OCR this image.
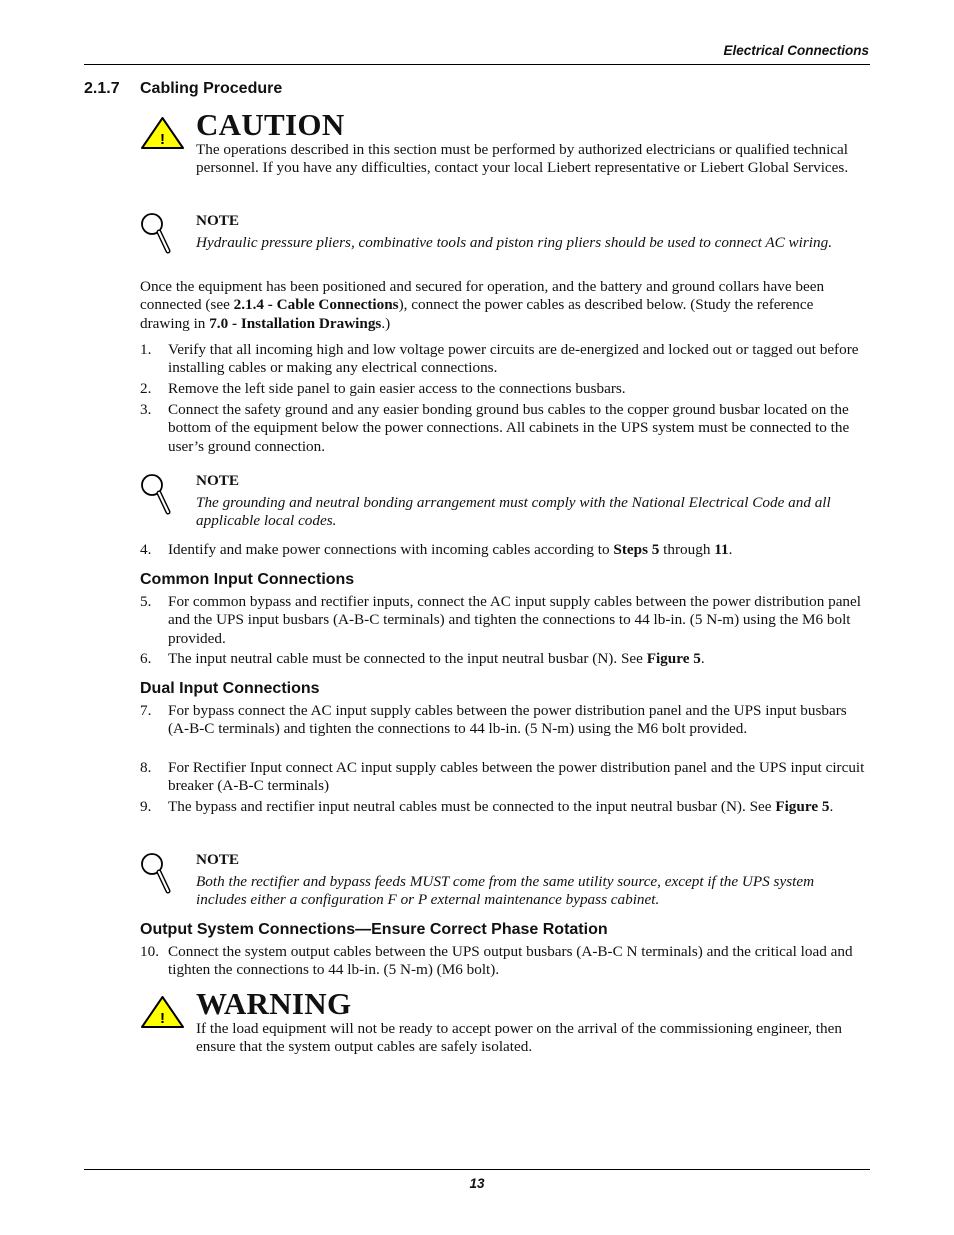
Electrical Connections
2.1.7 Cabling Procedure
! CAUTION
The operations described in this section must be performed by authorized electricians or qualified technical personnel. If you have any difficulties, contact your local Liebert representative or Liebert Global Services.
NOTE
Hydraulic pressure pliers, combinative tools and piston ring pliers should be used to connect AC wiring.
Once the equipment has been positioned and secured for operation, and the battery and ground collars have been connected (see 2.1.4 - Cable Connections), connect the power cables as described below. (Study the reference drawing in 7.0 - Installation Drawings.)
1. Verify that all incoming high and low voltage power circuits are de-energized and locked out or tagged out before installing cables or making any electrical connections.
2. Remove the left side panel to gain easier access to the connections busbars.
3. Connect the safety ground and any easier bonding ground bus cables to the copper ground busbar located on the bottom of the equipment below the power connections. All cabinets in the UPS system must be connected to the user’s ground connection.
NOTE
The grounding and neutral bonding arrangement must comply with the National Electrical Code and all applicable local codes.
4. Identify and make power connections with incoming cables according to Steps 5 through 11.
Common Input Connections
5. For common bypass and rectifier inputs, connect the AC input supply cables between the power distribution panel and the UPS input busbars (A-B-C terminals) and tighten the connections to 44 lb-in. (5 N-m) using the M6 bolt provided.
6. The input neutral cable must be connected to the input neutral busbar (N). See Figure 5.
Dual Input Connections
7. For bypass connect the AC input supply cables between the power distribution panel and the UPS input busbars (A-B-C terminals) and tighten the connections to 44 lb-in. (5 N-m) using the M6 bolt provided.
8. For Rectifier Input connect AC input supply cables between the power distribution panel and the UPS input circuit breaker (A-B-C terminals)
9. The bypass and rectifier input neutral cables must be connected to the input neutral busbar (N). See Figure 5.
NOTE
Both the rectifier and bypass feeds MUST come from the same utility source, except if the UPS system includes either a configuration F or P external maintenance bypass cabinet.
Output System Connections—Ensure Correct Phase Rotation
10. Connect the system output cables between the UPS output busbars (A-B-C N terminals) and the critical load and tighten the connections to 44 lb-in. (5 N-m) (M6 bolt).
! WARNING
If the load equipment will not be ready to accept power on the arrival of the commissioning engineer, then ensure that the system output cables are safely isolated.
13
